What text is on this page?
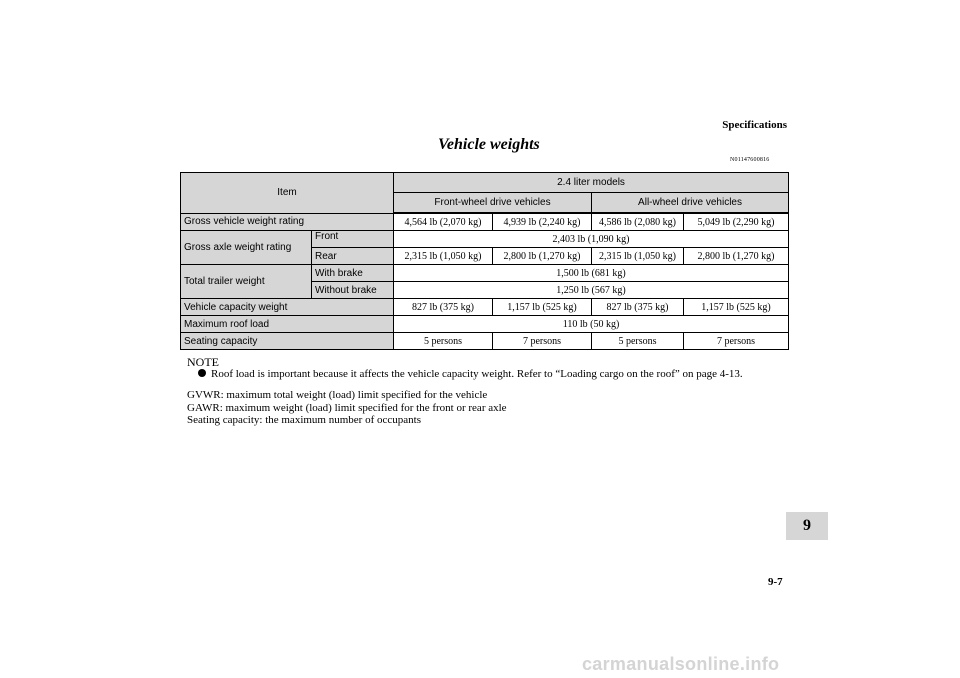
Specifications
Vehicle weights
N01147600816
Item		2.4 liter models			
		Front-wheel drive vehicles		All-wheel drive vehicles	
Gross vehicle weight rating		4,564 lb (2,070 kg)	4,939 lb (2,240 kg)	4,586 lb (2,080 kg)	5,049 lb (2,290 kg)
Gross axle weight rating	Front	2,403 lb (1,090 kg)			
	Rear	2,315 lb (1,050 kg)	2,800 lb (1,270 kg)	2,315 lb (1,050 kg)	2,800 lb (1,270 kg)
Total trailer weight	With brake	1,500 lb (681 kg)			
	Without brake	1,250 lb (567 kg)			
Vehicle capacity weight		827 lb (375 kg)	1,157 lb (525 kg)	827 lb (375 kg)	1,157 lb (525 kg)
Maximum roof load		110 lb (50 kg)			
Seating capacity		5 persons	7 persons	5 persons	7 persons
NOTE
Roof load is important because it affects the vehicle capacity weight. Refer to “Loading cargo on the roof” on page 4-13.
GVWR: maximum total weight (load) limit specified for the vehicle
GAWR: maximum weight (load) limit specified for the front or rear axle
Seating capacity: the maximum number of occupants
9
9-7
carmanualsonline.info
